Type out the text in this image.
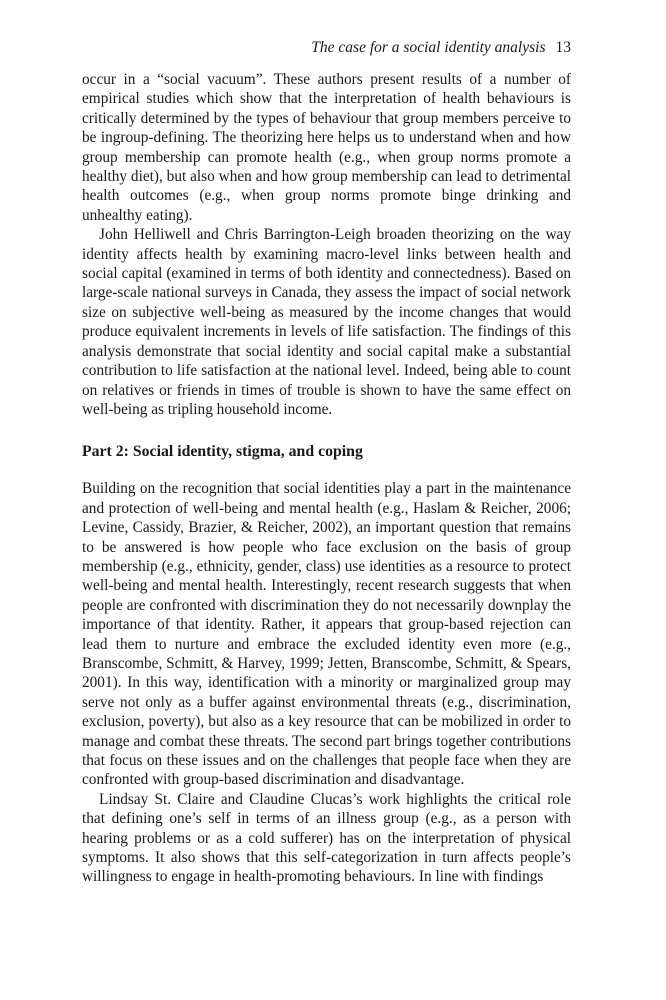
The case for a social identity analysis 13

occur in a “social vacuum”. These authors present results of a number of empirical studies which show that the interpretation of health behaviours is critically determined by the types of behaviour that group members perceive to be ingroup-defining. The theorizing here helps us to understand when and how group membership can promote health (e.g., when group norms promote a healthy diet), but also when and how group membership can lead to detrimental health outcomes (e.g., when group norms promote binge drinking and unhealthy eating).

John Helliwell and Chris Barrington-Leigh broaden theorizing on the way identity affects health by examining macro-level links between health and social capital (examined in terms of both identity and connectedness). Based on large-scale national surveys in Canada, they assess the impact of social network size on subjective well-being as measured by the income changes that would produce equivalent increments in levels of life satisfaction. The findings of this analysis demonstrate that social identity and social capital make a substantial contribution to life satisfaction at the national level. Indeed, being able to count on relatives or friends in times of trouble is shown to have the same effect on well-being as tripling household income.

Part 2: Social identity, stigma, and coping

Building on the recognition that social identities play a part in the maintenance and protection of well-being and mental health (e.g., Haslam & Reicher, 2006; Levine, Cassidy, Brazier, & Reicher, 2002), an important question that remains to be answered is how people who face exclusion on the basis of group membership (e.g., ethnicity, gender, class) use identities as a resource to protect well-being and mental health. Interestingly, recent research suggests that when people are confronted with discrimination they do not necessarily downplay the importance of that identity. Rather, it appears that group-based rejection can lead them to nurture and embrace the excluded identity even more (e.g., Branscombe, Schmitt, & Harvey, 1999; Jetten, Branscombe, Schmitt, & Spears, 2001). In this way, identification with a minority or marginalized group may serve not only as a buffer against environmental threats (e.g., discrimination, exclusion, poverty), but also as a key resource that can be mobilized in order to manage and combat these threats. The second part brings together contributions that focus on these issues and on the challenges that people face when they are confronted with group-based discrimination and disadvantage.

Lindsay St. Claire and Claudine Clucas’s work highlights the critical role that defining one’s self in terms of an illness group (e.g., as a person with hearing problems or as a cold sufferer) has on the interpretation of physical symptoms. It also shows that this self-categorization in turn affects people’s willingness to engage in health-promoting behaviours. In line with findings
